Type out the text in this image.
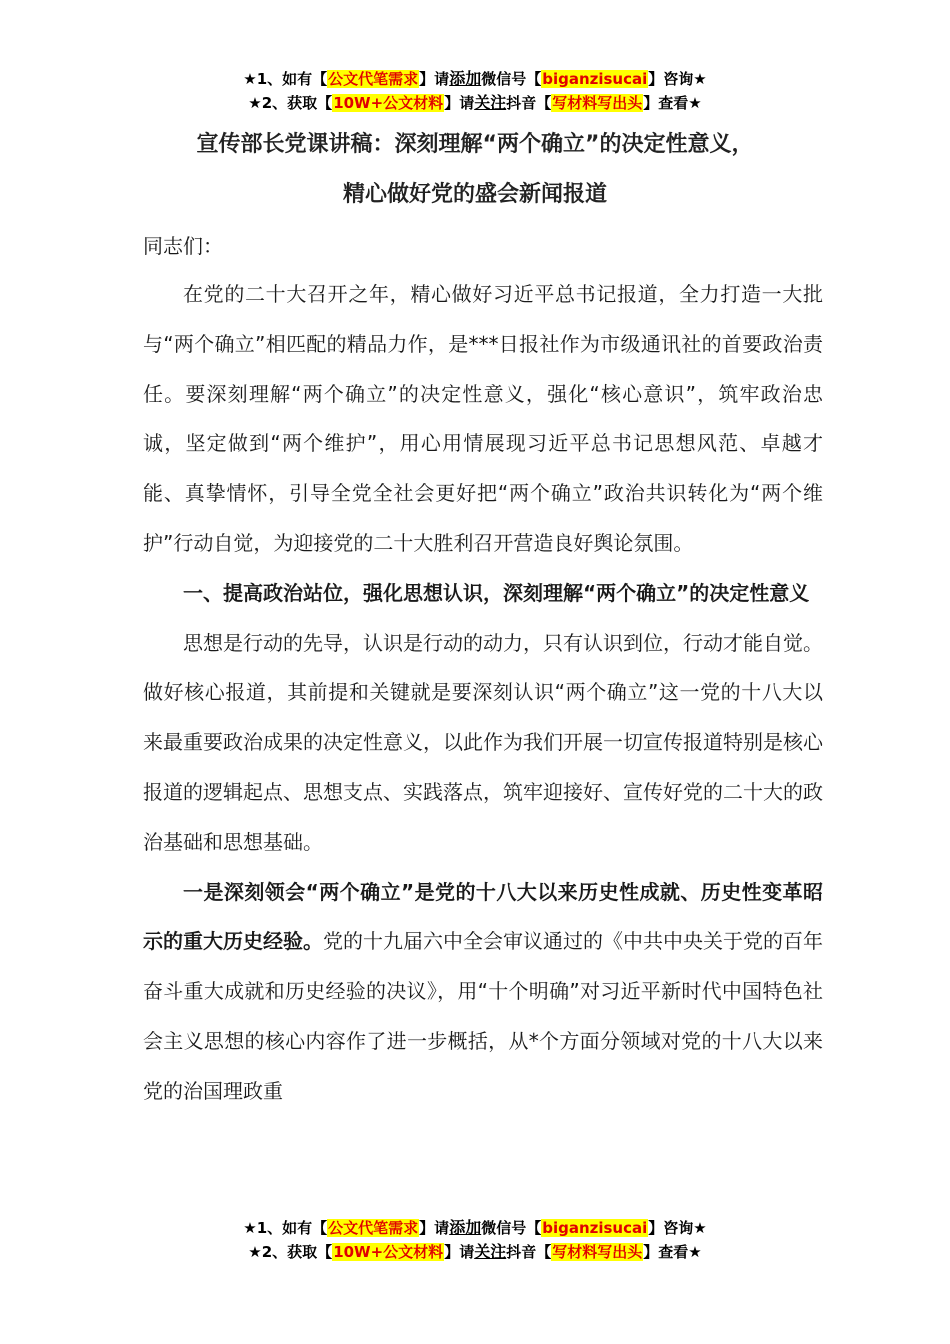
★1、如有【公文代笔需求】请添加微信号【biganzisucai】咨询★
★2、获取【10W+公文材料】请关注抖音【写材料写出头】查看★
宣传部长党课讲稿：深刻理解“两个确立”的决定性意义，
精心做好党的盛会新闻报道

同志们：

在党的二十大召开之年，精心做好习近平总书记报道，全力打造一大批与“两个确立”相匹配的精品力作，是***日报社作为市级通讯社的首要政治责任。要深刻理解“两个确立”的决定性意义，强化“核心意识”，筑牢政治忠诚，坚定做到“两个维护”，用心用情展现习近平总书记思想风范、卓越才能、真挚情怀，引导全党全社会更好把“两个确立”政治共识转化为“两个维护”行动自觉，为迎接党的二十大胜利召开营造良好舆论氛围。

一、提高政治站位，强化思想认识，深刻理解“两个确立”的决定性意义

思想是行动的先导，认识是行动的动力，只有认识到位，行动才能自觉。做好核心报道，其前提和关键就是要深刻认识“两个确立”这一党的十八大以来最重要政治成果的决定性意义，以此作为我们开展一切宣传报道特别是核心报道的逻辑起点、思想支点、实践落点，筑牢迎接好、宣传好党的二十大的政治基础和思想基础。

一是深刻领会“两个确立”是党的十八大以来历史性成就、历史性变革昭示的重大历史经验。党的十九届六中全会审议通过的《中共中央关于党的百年奋斗重大成就和历史经验的决议》，用“十个明确”对习近平新时代中国特色社会主义思想的核心内容作了进一步概括，从*个方面分领域对党的十八大以来党的治国理政重

★1、如有【公文代笔需求】请添加微信号【biganzisucai】咨询★
★2、获取【10W+公文材料】请关注抖音【写材料写出头】查看★
